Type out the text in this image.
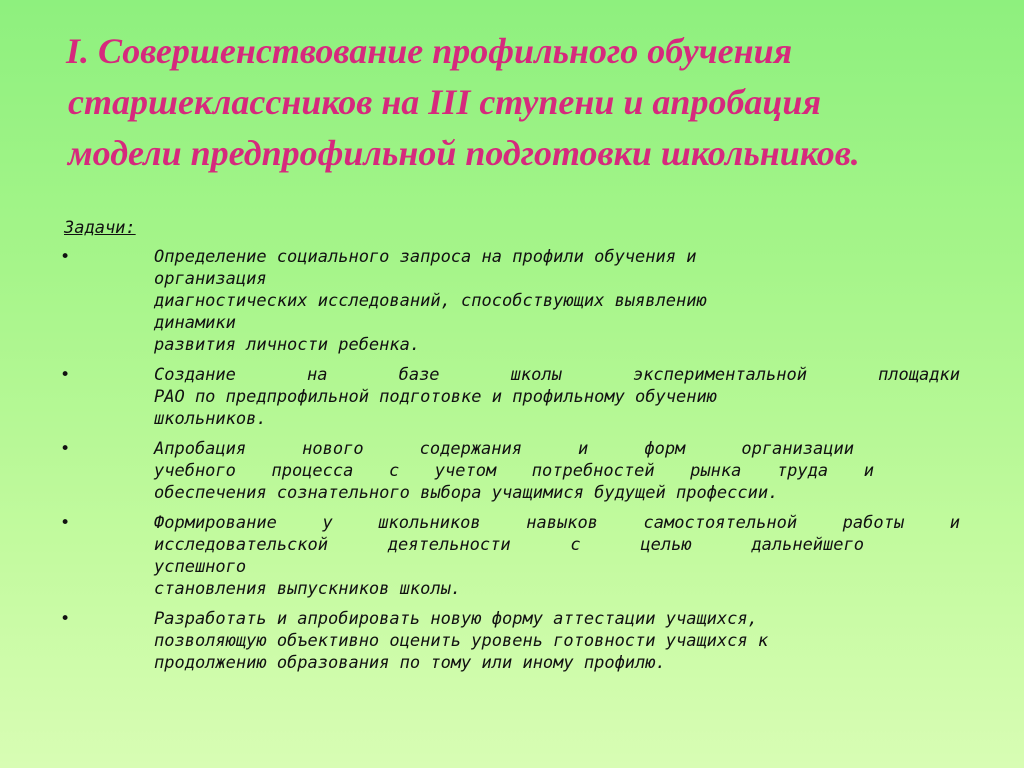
I. Совершенствование профильного обучения
старшеклассников на III ступени и апробация
модели предпрофильной подготовки школьников.

Задачи:

•	Определение социального запроса на профили обучения и
организация
диагностических исследований, способствующих выявлению
динамики
развития личности ребенка.
•	Создание	на	базе	школы	экспериментальной	площадки
РАО по предпрофильной подготовке и профильному обучению
школьников.
•	Апробация	нового	содержания	и	форм	организации
учебного процесса с учетом потребностей рынка труда и
обеспечения сознательного выбора учащимися будущей профессии.
•	Формирование	у	школьников	навыков	самостоятельной	работы	и
исследовательской	деятельности	с	целью	дальнейшего
успешного
становления выпускников школы.
•	Разработать и апробировать новую форму аттестации учащихся,
позволяющую объективно оценить уровень готовности учащихся к
продолжению образования по тому или иному профилю.
